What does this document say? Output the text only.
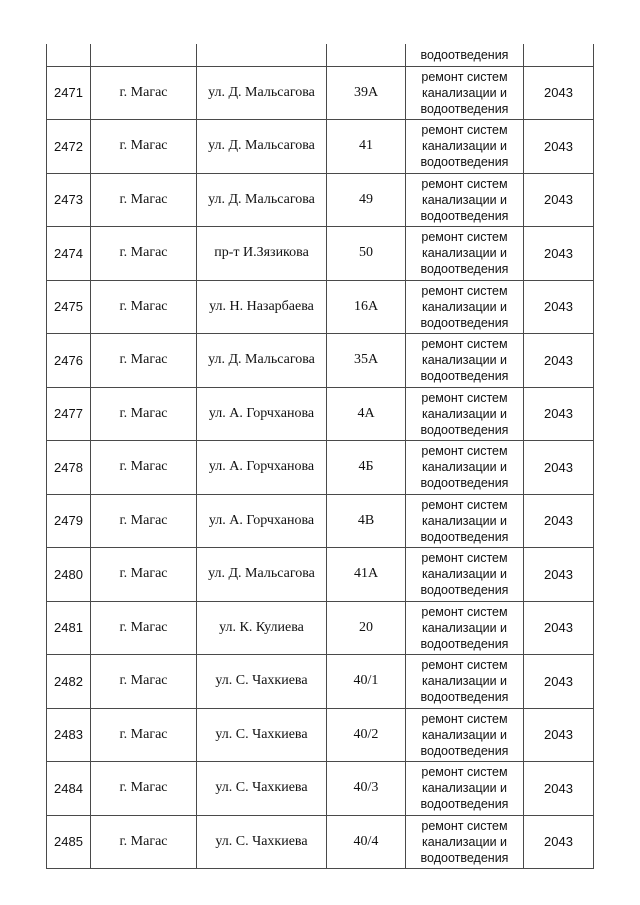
				водоотведения	

2471	г. Магас	ул. Д. Мальсагова	39А	ремонт систем
канализации и
водоотведения	2043
2472	г. Магас	ул. Д. Мальсагова	41	ремонт систем
канализации и
водоотведения	2043
2473	г. Магас	ул. Д. Мальсагова	49	ремонт систем
канализации и
водоотведения	2043
2474	г. Магас	пр-т И.Зязикова	50	ремонт систем
канализации и
водоотведения	2043
2475	г. Магас	ул. Н. Назарбаева	16А	ремонт систем
канализации и
водоотведения	2043
2476	г. Магас	ул. Д. Мальсагова	35А	ремонт систем
канализации и
водоотведения	2043
2477	г. Магас	ул. А. Горчханова	4А	ремонт систем
канализации и
водоотведения	2043
2478	г. Магас	ул. А. Горчханова	4Б	ремонт систем
канализации и
водоотведения	2043
2479	г. Магас	ул. А. Горчханова	4В	ремонт систем
канализации и
водоотведения	2043
2480	г. Магас	ул. Д. Мальсагова	41А	ремонт систем
канализации и
водоотведения	2043
2481	г. Магас	ул. К. Кулиева	20	ремонт систем
канализации и
водоотведения	2043
2482	г. Магас	ул. С. Чахкиева	40/1	ремонт систем
канализации и
водоотведения	2043
2483	г. Магас	ул. С. Чахкиева	40/2	ремонт систем
канализации и
водоотведения	2043
2484	г. Магас	ул. С. Чахкиева	40/3	ремонт систем
канализации и
водоотведения	2043
2485	г. Магас	ул. С. Чахкиева	40/4	ремонт систем
канализации и
водоотведения	2043
